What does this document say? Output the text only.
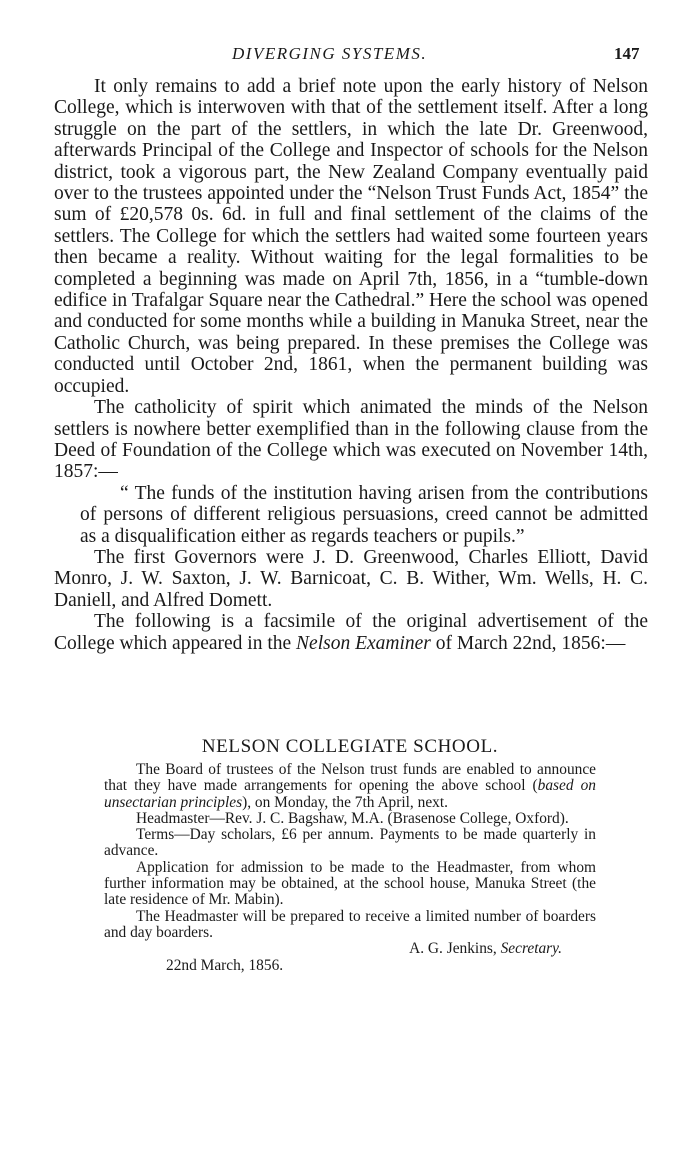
DIVERGING SYSTEMS.	147

It only remains to add a brief note upon the early history of Nelson College, which is interwoven with that of the settlement itself. After a long struggle on the part of the settlers, in which the late Dr. Greenwood, afterwards Principal of the College and Inspector of schools for the Nelson district, took a vigorous part, the New Zealand Company eventually paid over to the trustees appointed under the “Nelson Trust Funds Act, 1854” the sum of £20,578 0s. 6d. in full and final settlement of the claims of the settlers. The College for which the settlers had waited some fourteen years then became a reality. Without waiting for the legal formalities to be completed a beginning was made on April 7th, 1856, in a “tumble-down edifice in Trafalgar Square near the Cathedral.” Here the school was opened and conducted for some months while a building in Manuka Street, near the Catholic Church, was being prepared. In these premises the College was conducted until October 2nd, 1861, when the permanent building was occupied.

The catholicity of spirit which animated the minds of the Nelson settlers is nowhere better exemplified than in the following clause from the Deed of Foundation of the College which was executed on November 14th, 1857:—

“ The funds of the institution having arisen from the contributions of persons of different religious persuasions, creed cannot be admitted as a disqualification either as regards teachers or pupils.”

The first Governors were J. D. Greenwood, Charles Elliott, David Monro, J. W. Saxton, J. W. Barnicoat, C. B. Wither, Wm. Wells, H. C. Daniell, and Alfred Domett.

The following is a facsimile of the original advertisement of the College which appeared in the Nelson Examiner of March 22nd, 1856:—

NELSON COLLEGIATE SCHOOL.

The Board of trustees of the Nelson trust funds are enabled to announce that they have made arrangements for opening the above school (based on unsectarian principles), on Monday, the 7th April, next.

Headmaster—Rev. J. C. Bagshaw, M.A. (Brasenose College, Oxford).

Terms—Day scholars, £6 per annum. Payments to be made quarterly in advance.

Application for admission to be made to the Headmaster, from whom further information may be obtained, at the school house, Manuka Street (the late residence of Mr. Mabin).

The Headmaster will be prepared to receive a limited number of boarders and day boarders.

A. G. Jenkins, Secretary.

22nd March, 1856.
